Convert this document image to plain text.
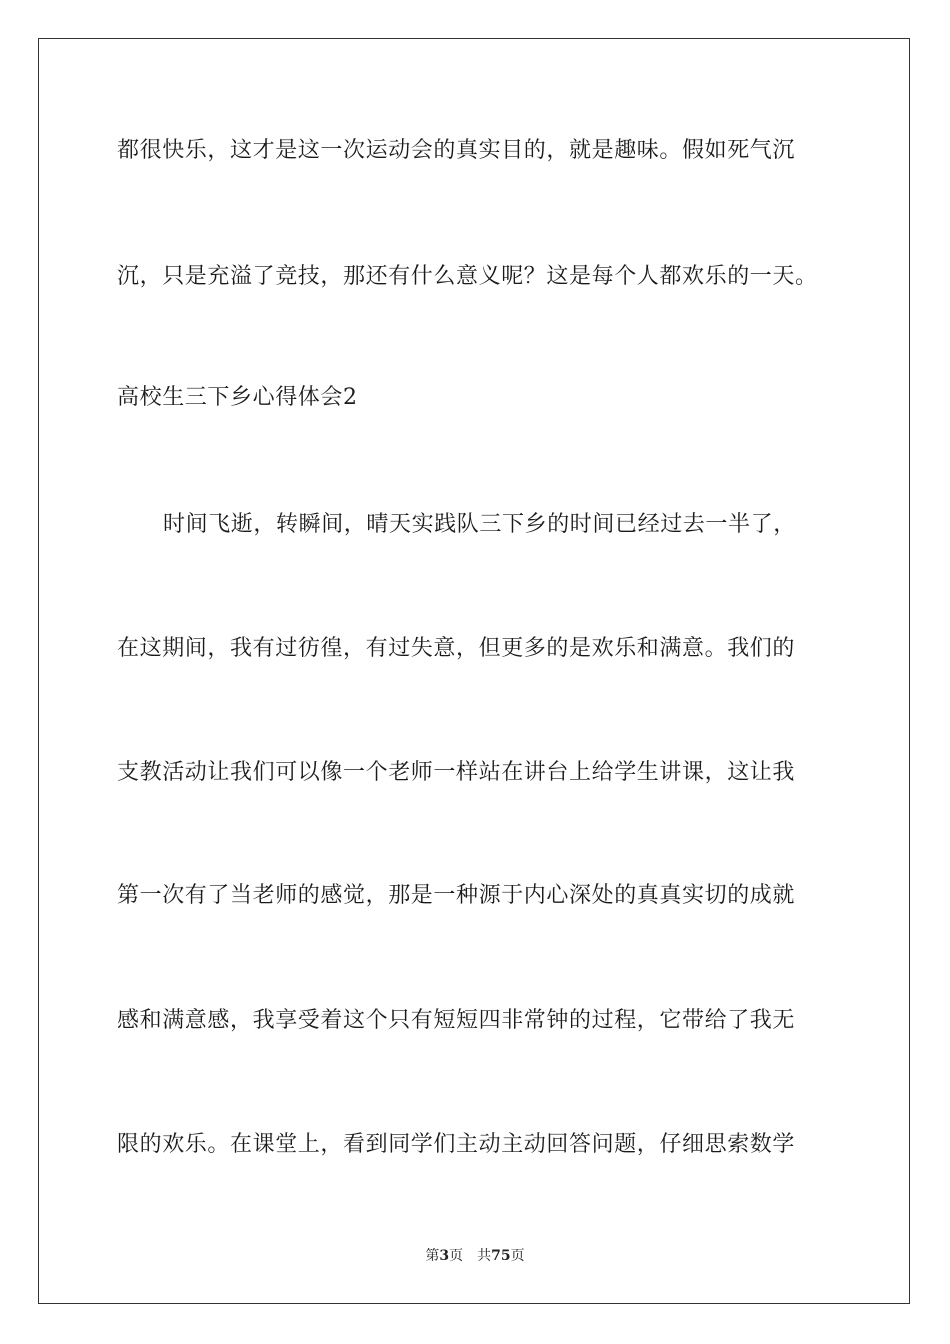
都很快乐，这才是这一次运动会的真实目的，就是趣味。假如死气沉
沉，只是充溢了竞技，那还有什么意义呢？这是每个人都欢乐的一天。
高校生三下乡心得体会2
时间飞逝，转瞬间，晴天实践队三下乡的时间已经过去一半了，
在这期间，我有过彷徨，有过失意，但更多的是欢乐和满意。我们的
支教活动让我们可以像一个老师一样站在讲台上给学生讲课，这让我
第一次有了当老师的感觉，那是一种源于内心深处的真真实切的成就
感和满意感，我享受着这个只有短短四非常钟的过程，它带给了我无
限的欢乐。在课堂上，看到同学们主动主动回答问题，仔细思索数学
第3页 共75页
